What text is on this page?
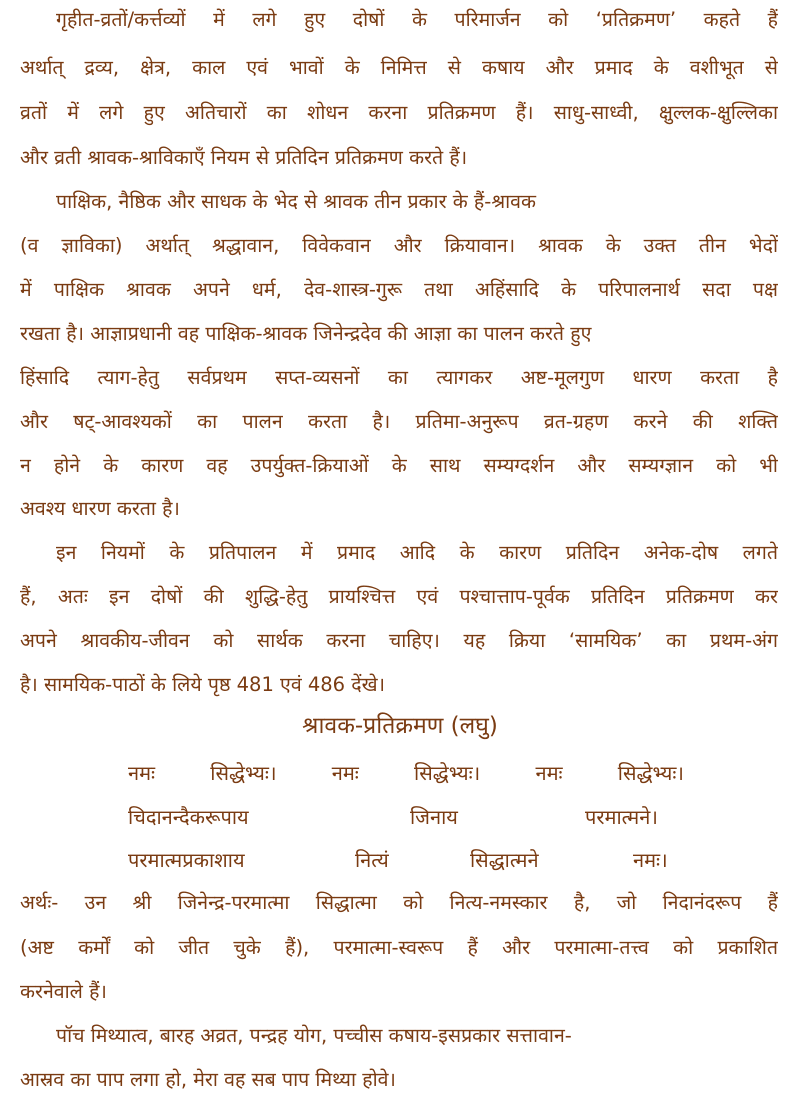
गृहीत-व्रतों/कर्त्तव्यों में लगे हुए दोषों के परिमार्जन को ‘प्रतिक्रमण’ कहते हैं
अर्थात् द्रव्य, क्षेत्र, काल एवं भावों के निमित्त से कषाय और प्रमाद के वशीभूत से
व्रतों में लगे हुए अतिचारों का शोधन करना प्रतिक्रमण हैं। साधु-साध्वी, क्षुल्लक-क्षुल्लिका
और व्रती श्रावक-श्राविकाएँ नियम से प्रतिदिन प्रतिक्रमण करते हैं।
पाक्षिक, नैष्ठिक और साधक के भेद से श्रावक तीन प्रकार के हैं-श्रावक
(व ज्ञाविका) अर्थात् श्रद्धावान, विवेकवान और क्रियावान। श्रावक के उक्त तीन भेदों
में पाक्षिक श्रावक अपने धर्म, देव-शास्त्र-गुरू तथा अहिंसादि के परिपालनार्थ सदा पक्ष
रखता है। आज्ञाप्रधानी वह पाक्षिक-श्रावक जिनेन्द्रदेव की आज्ञा का पालन करते हुए
हिंसादि त्याग-हेतु सर्वप्रथम सप्त-व्यसनों का त्यागकर अष्ट-मूलगुण धारण करता है
और षट्-आवश्यकों का पालन करता है। प्रतिमा-अनुरूप व्रत-ग्रहण करने की शक्ति
न होने के कारण वह उपर्युक्त-क्रियाओं के साथ सम्यग्दर्शन और सम्यग्ज्ञान को भी
अवश्य धारण करता है।
इन नियमों के प्रतिपालन में प्रमाद आदि के कारण प्रतिदिन अनेक-दोष लगते
हैं, अतः इन दोषों की शुद्धि-हेतु प्रायश्चित्त एवं पश्चात्ताप-पूर्वक प्रतिदिन प्रतिक्रमण कर
अपने श्रावकीय-जीवन को सार्थक करना चाहिए। यह क्रिया ‘सामयिक’ का प्रथम-अंग
है। सामयिक-पाठों के लिये पृष्ठ 481 एवं 486 देंखे।
श्रावक-प्रतिक्रमण (लघु)
नमः सिद्धेभ्यः। नमः सिद्धेभ्यः। नमः सिद्धेभ्यः।
चिदानन्दैकरूपाय	जिनाय	परमात्मने।
परमात्मप्रकाशाय	नित्यं	सिद्धात्मने	नमः।
अर्थः- उन श्री जिनेन्द्र-परमात्मा सिद्धात्मा को नित्य-नमस्कार है, जो निदानंदरूप हैं
(अष्ट कर्मों को जीत चुके हैं), परमात्मा-स्वरूप हैं और परमात्मा-तत्त्व को प्रकाशित
करनेवाले हैं।
पॉच मिथ्यात्व, बारह अव्रत, पन्द्रह योग, पच्चीस कषाय-इसप्रकार सत्तावान-
आस्रव का पाप लगा हो, मेरा वह सब पाप मिथ्या होवे।
